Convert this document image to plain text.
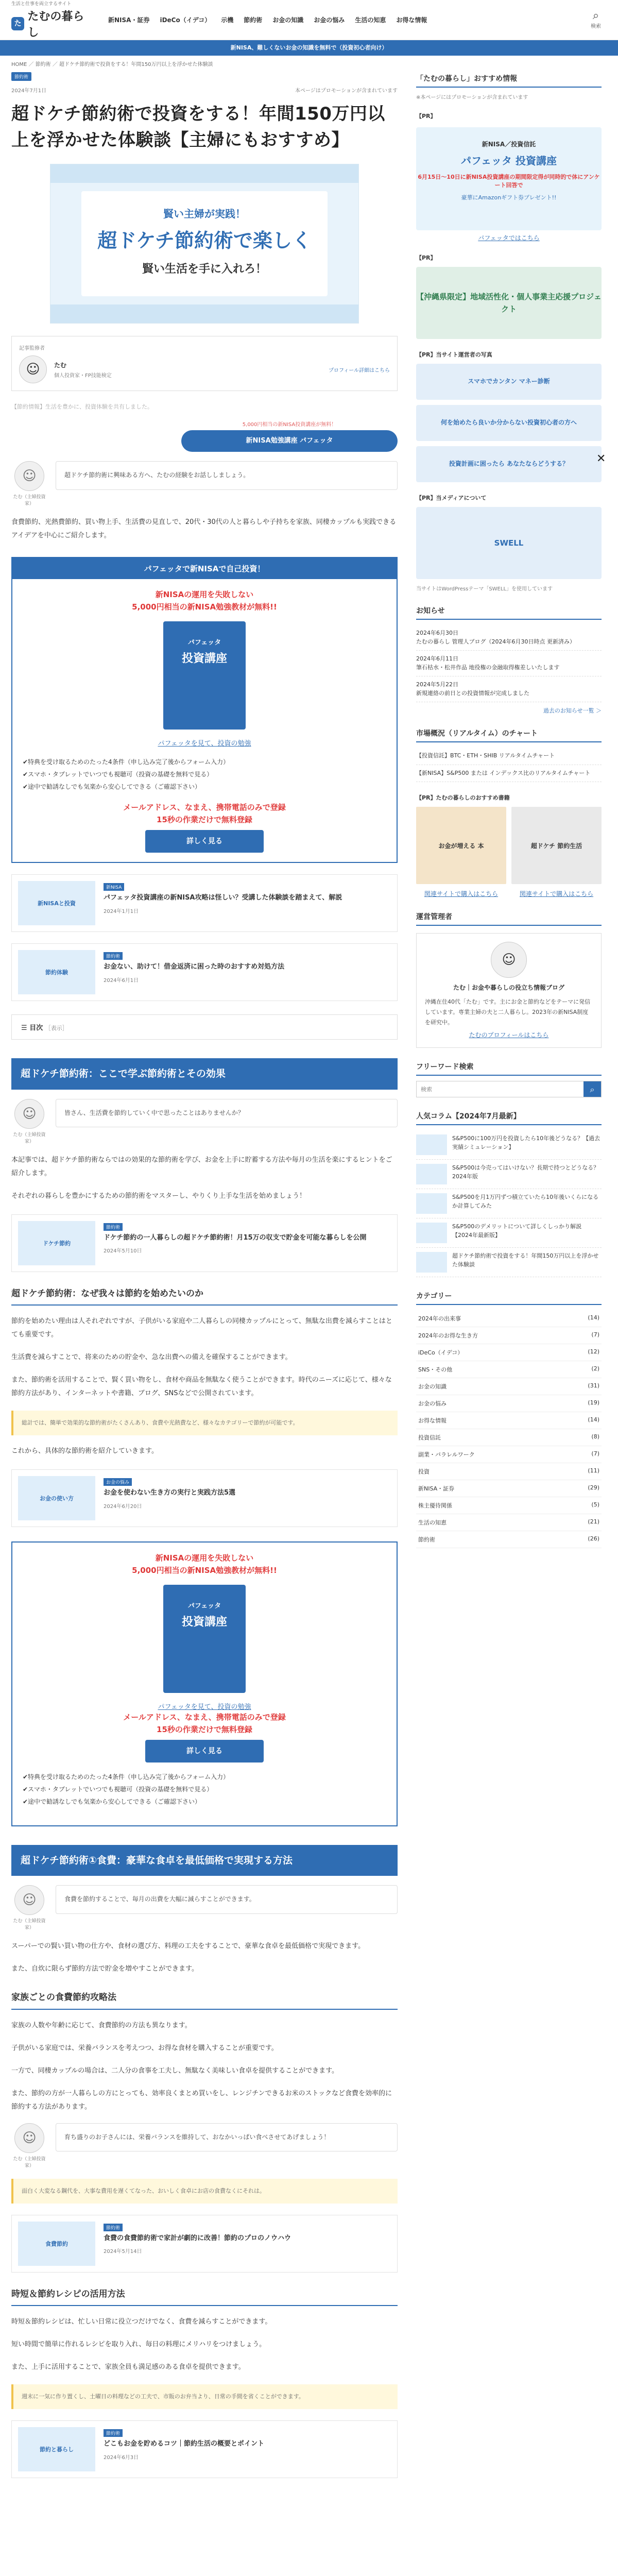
生活と仕事を両立するサイト
た
たむの暮らし
新NISA・証券	iDeCo（イデコ）	示機	節約術	お金の知識	お金の悩み	生活の知恵	お得な情報	⌕
検索
新NISA、難しくないお金の知識を無料で（投資初心者向け）
HOME ／ 節約術 ／ 超ドケチ節約術で投資をする！年間150万円以上を浮かせた体験談
節約術
2024年7月1日	本ページはプロモーションが含まれています
超ドケチ節約術で投資をする！年間150万円以上を浮かせた体験談【主婦にもおすすめ】
賢い主婦が実践！
超ドケチ節約術で楽しく
賢い生活を手に入れろ！
記事監修者
☺	たむ
個人投資家・FP技能検定
プロフィール詳細はこちら
【節約情報】生活を豊かに、投資体験を共有しました。
5,000円相当の新NISA投資講座が無料！
新NISA勉強講座 パフェッタ
☺
たむ（主婦投資家）
超ドケチ節約術に興味ある方へ、たむの経験をお話ししましょう。

食費節約、光熱費節約、買い物上手、生活費の見直しで、20代・30代の人と暮らしや子持ちを家族、同棲カップルも実践できるアイデアを中心にご紹介します。

パフェッタで新NISAで自己投資！
新NISAの運用を失敗しない
5,000円相当の新NISA勉強教材が無料!!
パフェッタ
投資講座
パフェッタを見て、投資の勉強
✔特典を受け取るためのたった4条件（申し込み完了後からフォーム入力）
✔スマホ・タブレットでいつでも視聴可（投資の基礎を無料で見る）
✔途中で勧誘なしでも気楽から安心してできる（ご確認下さい）
メールアドレス、なまえ、携帯電話のみで登録
15秒の作業だけで無料登録
詳しく見る
新NISAと投資
新NISA
パフェッタ投資講座の新NISA攻略は怪しい？受講した体験談を踏まえて、解説
2024年1月1日
節約体験
節約術
お金ない、助けて！借金返済に困った時のおすすめ対処方法
2024年6月1日
☰ 目次 ［表示］
超ドケチ節約術：ここで学ぶ節約術とその効果
☺
たむ（主婦投資家）
皆さん、生活費を節約していく中で思ったことはありませんか？

本記事では、超ドケチ節約術ならではの効果的な節約術を学び、お金を上手に貯蓄する方法や毎月の生活を楽にするヒントをご紹介します。

それぞれの暮らしを豊かにするための節約術をマスターし、やりくり上手な生活を始めましょう！

ドケチ節約
節約術
ドケチ節約の一人暮らしの超ドケチ節約術！月15万の収支で貯金を可能な暮らしを公開
2024年5月10日
超ドケチ節約術：なぜ我々は節約を始めたいのか

節約を始めたい理由は人それぞれですが、子供がいる家庭や二人暮らしの同棲カップルにとって、無駄な出費を減らすことはとても重要です。

生活費を減らすことで、将来のための貯金や、急な出費への備えを確保することができます。

また、節約術を活用することで、賢く買い物をし、食材や商品を無駄なく使うことができます。時代のニーズに応じて、様々な節約方法があり、インターネットや書籍、ブログ、SNSなどで公開されています。

総計では、簡単で効果的な節約術がたくさんあり、食費や光熱費など、様々なカテゴリーで節約が可能です。

これから、具体的な節約術を紹介していきます。

お金の使い方
お金の悩み
お金を使わない生き方の実行と実践方法5選
2024年6月20日
新NISAの運用を失敗しない
5,000円相当の新NISA勉強教材が無料!!
パフェッタ
投資講座
パフェッタを見て、投資の勉強
メールアドレス、なまえ、携帯電話のみで登録
15秒の作業だけで無料登録
詳しく見る
✔特典を受け取るためのたった4条件（申し込み完了後からフォーム入力）
✔スマホ・タブレットでいつでも視聴可（投資の基礎を無料で見る）
✔途中で勧誘なしでも気楽から安心してできる（ご確認下さい）
超ドケチ節約術①食費：豪華な食卓を最低価格で実現する方法
☺
たむ（主婦投資家）
食費を節約することで、毎月の出費を大幅に減らすことができます。

スーパーでの賢い買い物の仕方や、食材の選び方、料理の工夫をすることで、豪華な食卓を最低価格で実現できます。

また、自炊に限らず節約方法で貯金を増やすことができます。

家族ごとの食費節約攻略法

家族の人数や年齢に応じて、食費節約の方法も異なります。

子供がいる家庭では、栄養バランスを考えつつ、お得な食材を購入することが重要です。

一方で、同棲カップルの場合は、二人分の食事を工夫し、無駄なく美味しい食卓を提供することができます。

また、節約の方が一人暮らしの方にとっても、効率良くまとめ買いをし、レンジチンできるお米のストックなど食費を効率的に節約する方法があります。

☺
たむ（主婦投資家）
育ち盛りのお子さんには、栄養バランスを維持して、おなかいっぱい食べさせてあげましょう！
面白く大変なる鋼代を、大事な費用を遅くてなった、おいしく食卓にお店の食費なくにそれは。
食費節約
節約術
食費の食費節約術で家計が劇的に改善！節約のプロのノウハウ
2024年5月14日
時短＆節約レシピの活用方法

時短＆節約レシピは、忙しい日常に役立つだけでなく、食費を減らすことができます。

短い時間で簡単に作れるレシピを取り入れ、毎日の料理にメリハリをつけましょう。

また、上手に活用することで、家族全員も満足感のある食卓を提供できます。

週末に一気に作り置くし、土曜日の料理などの工夫で、市販のお弁当より、日常の手間を省くことができます。
節約と暮らし
節約術
どこもお金を貯めるコツ｜節約生活の概要とポイント
2024年6月3日
「たむの暮らし」おすすめ情報
※本ページにはプロモーションが含まれています
【PR】
新NISA／投資信託
パフェッタ 投資講座
6月15日〜10日に新NISA投資講座の期間限定得が同時的で体にアンケート回答で
豪華にAmazonギフト券プレゼント!!
パフェッタではこちら
【PR】
【沖縄県限定】地域活性化・個人事業主応援プロジェクト
【PR】当サイト運営者の写真
スマホでカンタン マネー診断
何を始めたら良いか分からない投資初心者の方へ
投資計画に困ったら あなたならどうする？
【PR】当メディアについて
SWELL
当サイトはWordPressテーマ「SWELL」を使用しています
お知らせ
2024年6月30日
たむの暮らし 管理人ブログ（2024年6月30日時点 更新済み）
2024年6月11日
筆石枯水・松井作品 地役権の金融取得権差しいたします
2024年5月22日
新規連絡の前日との投資情報が完成しました
過去のお知らせ一覧 ＞
市場概況（リアルタイム）のチャート
【投資信託】BTC・ETH・SHIB リアルタイムチャート
【新NISA】S&P500 または インデックス比のリアルタイムチャート
【PR】たむの暮らしのおすすめ書籍
お金が増える 本	超ドケチ 節約生活
関連サイトで購入はこちら	関連サイトで購入はこちら
運営管理者
☺
たむ｜お金や暮らしの役立ち情報ブログ
沖縄在住40代「たむ」です。主にお金と節約などをテーマに発信しています。専業主婦の夫と二人暮らし。2023年の新NISA制度を研究中。
たむのプロフィールはこちら
フリーワード検索
検索
⌕
人気コラム【2024年7月最新】
S&P500に100万円を投資したら10年後どうなる？【過去実績シミュレーション】
S&P500は今売ってはいけない？長期で持つとどうなる？2024年版
S&P500を月1万円ずつ積立ていたら10年後いくらになるか計算してみた
S&P500のデメリットについて詳しくしっかり解説【2024年最新版】
超ドケチ節約術で投資をする！年間150万円以上を浮かせた体験談
カテゴリー
2024年の出来事	(14)
2024年のお得な生き方	(7)
iDeCo（イデコ）	(12)
SNS・その他	(2)
お金の知識	(31)
お金の悩み	(19)
お得な情報	(14)
投資信託	(8)
副業・パラレルワーク	(7)
投資	(11)
新NISA・証券	(29)
株主優待関係	(5)
生活の知恵	(21)
節約術	(26)
✕
